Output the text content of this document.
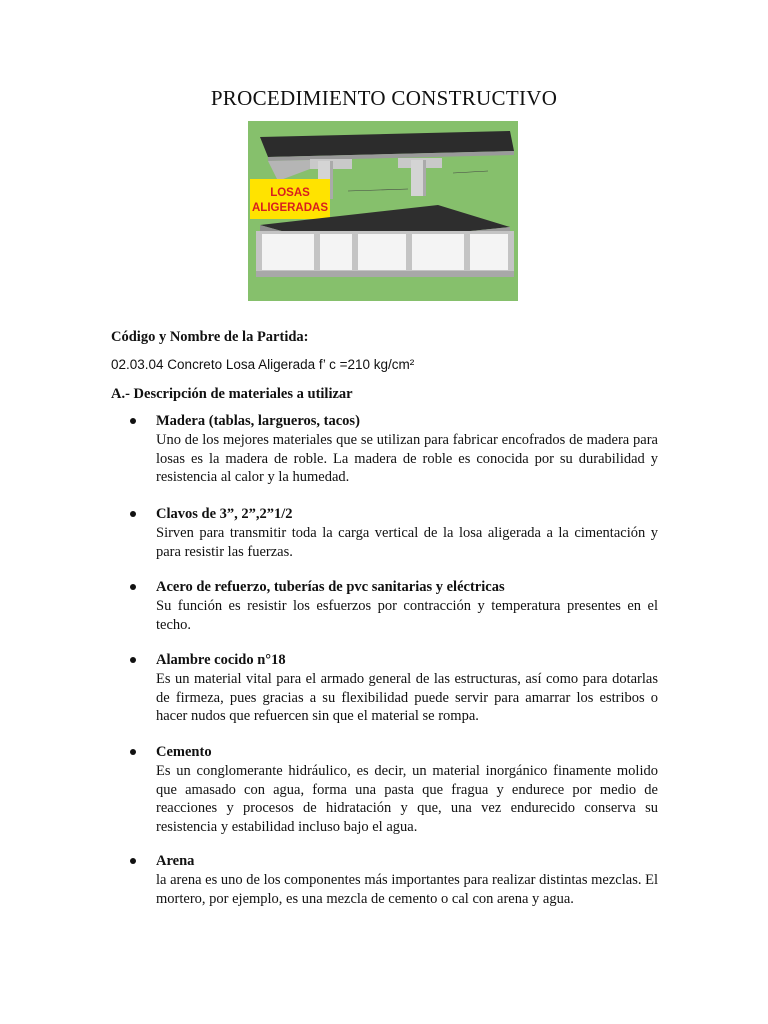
PROCEDIMIENTO CONSTRUCTIVO
LOSAS
ALIGERADAS
Código y Nombre de la Partida:
02.03.04 Concreto Losa Aligerada f’ c =210 kg/cm²
A.- Descripción de materiales a utilizar
Madera (tablas, largueros, tacos)

Uno de los mejores materiales que se utilizan para fabricar encofrados de madera para losas es la madera de roble. La madera de roble es conocida por su durabilidad y resistencia al calor y la humedad.

Clavos de 3”, 2”,2”1/2

Sirven para transmitir toda la carga vertical de la losa aligerada a la cimentación y para resistir las fuerzas.

Acero de refuerzo, tuberías de pvc sanitarias y eléctricas

Su función es resistir los esfuerzos por contracción y temperatura presentes en el techo.

Alambre cocido n°18

Es un material vital para el armado general de las estructuras, así como para dotarlas de firmeza, pues gracias a su flexibilidad puede servir para amarrar los estribos o hacer nudos que refuercen sin que el material se rompa.

Cemento

Es un conglomerante hidráulico, es decir, un material inorgánico finamente molido que amasado con agua, forma una pasta que fragua y endurece por medio de reacciones y procesos de hidratación y que, una vez endurecido conserva su resistencia y estabilidad incluso bajo el agua.

Arena

la arena es uno de los componentes más importantes para realizar distintas mezclas. El mortero, por ejemplo, es una mezcla de cemento o cal con arena y agua.
